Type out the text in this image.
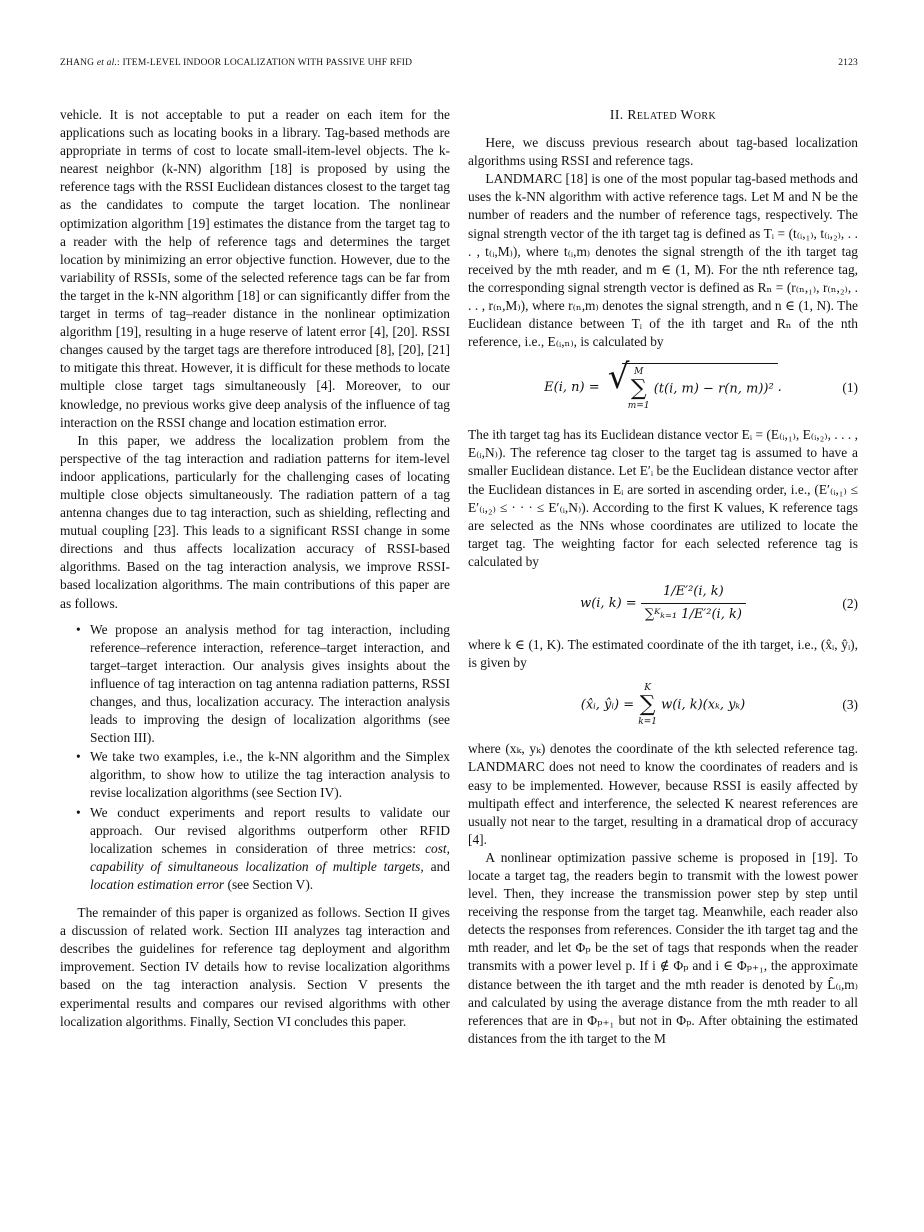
ZHANG et al.: ITEM-LEVEL INDOOR LOCALIZATION WITH PASSIVE UHF RFID	2123

vehicle. It is not acceptable to put a reader on each item for the applications such as locating books in a library. Tag-based methods are appropriate in terms of cost to locate small-item-level objects. The k-nearest neighbor (k-NN) algorithm [18] is proposed by using the reference tags with the RSSI Euclidean distances closest to the target tag as the candidates to compute the target location. The nonlinear optimization algorithm [19] estimates the distance from the target tag to a reader with the help of reference tags and determines the target location by minimizing an error objective function. However, due to the variability of RSSIs, some of the selected reference tags can be far from the target in the k-NN algorithm [18] or can significantly differ from the target in terms of tag–reader distance in the nonlinear optimization algorithm [19], resulting in a huge reserve of latent error [4], [20]. RSSI changes caused by the target tags are therefore introduced [8], [20], [21] to mitigate this threat. However, it is difficult for these methods to locate multiple close target tags simultaneously [4]. Moreover, to our knowledge, no previous works give deep analysis of the influence of tag interaction on the RSSI change and location estimation error.

In this paper, we address the localization problem from the perspective of the tag interaction and radiation patterns for item-level indoor applications, particularly for the challenging cases of locating multiple close objects simultaneously. The radiation pattern of a tag antenna changes due to tag interaction, such as shielding, reflecting and mutual coupling [23]. This leads to a significant RSSI change in some directions and thus affects localization accuracy of RSSI-based algorithms. Based on the tag interaction analysis, we improve RSSI-based localization algorithms. The main contributions of this paper are as follows.

• We propose an analysis method for tag interaction, including reference–reference interaction, reference–target interaction, and target–target interaction. Our analysis gives insights about the influence of tag interaction on tag antenna radiation patterns, RSSI changes, and thus, localization accuracy. The interaction analysis leads to improving the design of localization algorithms (see Section III).
• We take two examples, i.e., the k-NN algorithm and the Simplex algorithm, to show how to utilize the tag interaction analysis to revise localization algorithms (see Section IV).
• We conduct experiments and report results to validate our approach. Our revised algorithms outperform other RFID localization schemes in consideration of three metrics: cost, capability of simultaneous localization of multiple targets, and location estimation error (see Section V).

The remainder of this paper is organized as follows. Section II gives a discussion of related work. Section III analyzes tag interaction and describes the guidelines for reference tag deployment and algorithm improvement. Section IV details how to revise localization algorithms based on the tag interaction analysis. Section V presents the experimental results and compares our revised algorithms with other localization algorithms. Finally, Section VI concludes this paper.

II. Related Work

Here, we discuss previous research about tag-based localization algorithms using RSSI and reference tags.

LANDMARC [18] is one of the most popular tag-based methods and uses the k-NN algorithm with active reference tags. Let M and N be the number of readers and the number of reference tags, respectively. The signal strength vector of the ith target tag is defined as Tᵢ = (t₍ᵢ,₁₎, t₍ᵢ,₂₎, . . . , t₍ᵢ,M₎), where t₍ᵢ,m₎ denotes the signal strength of the ith target tag received by the mth reader, and m ∈ (1, M). For the nth reference tag, the corresponding signal strength vector is defined as Rₙ = (r₍ₙ,₁₎, r₍ₙ,₂₎, . . . , r₍ₙ,M₎), where r₍ₙ,m₎ denotes the signal strength, and n ∈ (1, N). The Euclidean distance between Tᵢ of the ith target and Rₙ of the nth reference, i.e., E₍ᵢ,ₙ₎, is calculated by

E(i, n) =
√ M
∑
m=1
(t(i, m) − r(n, m))² .	(1)

The ith target tag has its Euclidean distance vector Eᵢ = (E₍ᵢ,₁₎, E₍ᵢ,₂₎, . . . , E₍ᵢ,N₎). The reference tag closer to the target tag is assumed to have a smaller Euclidean distance. Let E′ᵢ be the Euclidean distance vector after the Euclidean distances in Eᵢ are sorted in ascending order, i.e., (E′₍ᵢ,₁₎ ≤ E′₍ᵢ,₂₎ ≤ · · · ≤ E′₍ᵢ,N₎). According to the first K values, K reference tags are selected as the NNs whose coordinates are utilized to locate the target tag. The weighting factor for each selected reference tag is calculated by

w(i, $k) = \frac{\text{1/E′²(i, k)}}{\text{∑ᴷₖ₌₁ 1/E′²(i, k)}}$	(2)

where k ∈ (1, K). The estimated coordinate of the ith target, i.e., (x̂ᵢ, ŷᵢ), is given by

(x̂ᵢ, ŷᵢ) =
K
∑
k=1
w(i, k)(xₖ, yₖ)	(3)

where (xₖ, yₖ) denotes the coordinate of the kth selected reference tag. LANDMARC does not need to know the coordinates of readers and is easy to be implemented. However, because RSSI is easily affected by multipath effect and interference, the selected K nearest references are usually not near to the target, resulting in a dramatical drop of accuracy [4].

A nonlinear optimization passive scheme is proposed in [19]. To locate a target tag, the readers begin to transmit with the lowest power level. Then, they increase the transmission power step by step until receiving the response from the target tag. Meanwhile, each reader also detects the responses from references. Consider the ith target tag and the mth reader, and let Φₚ be the set of tags that responds when the reader transmits with a power level p. If i ∉ Φₚ and i ∈ Φₚ₊₁, the approximate distance between the ith target and the mth reader is denoted by L̂₍ᵢ,m₎ and calculated by using the average distance from the mth reader to all references that are in Φₚ₊₁ but not in Φₚ. After obtaining the estimated distances from the ith target to the M
